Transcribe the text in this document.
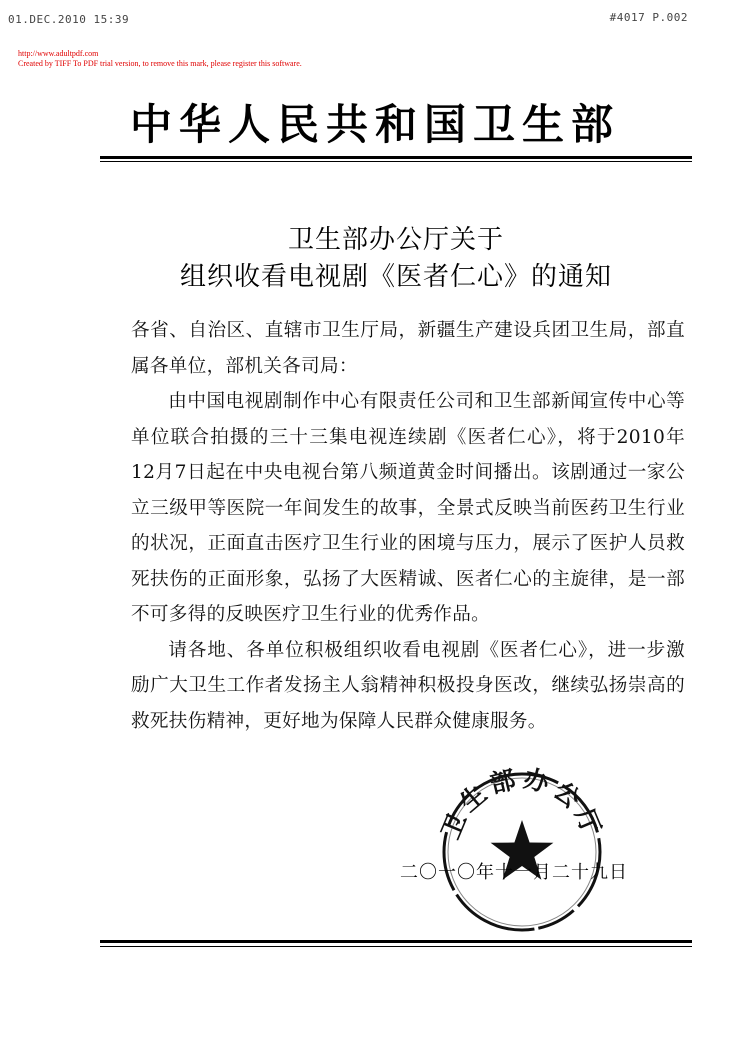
01.DEC.2010 15:39	#4017 P.002
http://www.adultpdf.com
Created by TIFF To PDF trial version, to remove this mark, please register this software.
中华人民共和国卫生部
卫生部办公厅关于
组织收看电视剧《医者仁心》的通知

各省、自治区、直辖市卫生厅局，新疆生产建设兵团卫生局，部直属各单位，部机关各司局：

由中国电视剧制作中心有限责任公司和卫生部新闻宣传中心等单位联合拍摄的三十三集电视连续剧《医者仁心》，将于2010年12月7日起在中央电视台第八频道黄金时间播出。该剧通过一家公立三级甲等医院一年间发生的故事，全景式反映当前医药卫生行业的状况，正面直击医疗卫生行业的困境与压力，展示了医护人员救死扶伤的正面形象，弘扬了大医精诚、医者仁心的主旋律，是一部不可多得的反映医疗卫生行业的优秀作品。

请各地、各单位积极组织收看电视剧《医者仁心》，进一步激励广大卫生工作者发扬主人翁精神积极投身医改，继续弘扬崇高的救死扶伤精神，更好地为保障人民群众健康服务。

卫生部办公厅
二〇一〇年十一月二十九日
